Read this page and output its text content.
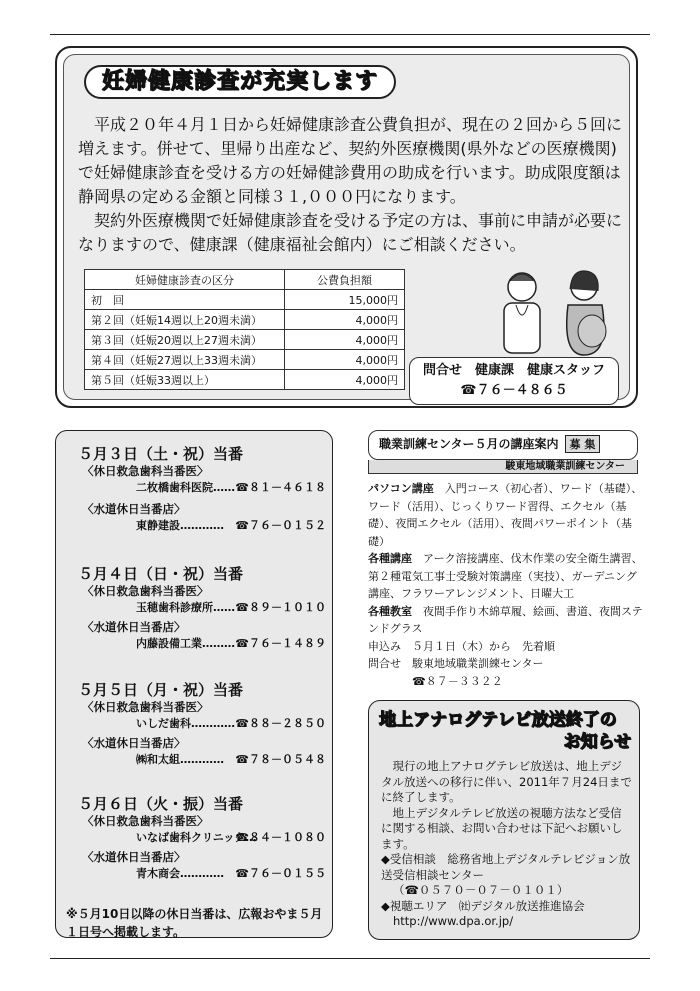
妊婦健康診査が充実します

平成２０年４月１日から妊婦健康診査公費負担が、現在の２回から５回に増えます。併せて、里帰り出産など、契約外医療機関(県外などの医療機関)で妊婦健康診査を受ける方の妊婦健診費用の助成を行います。助成限度額は静岡県の定める金額と同様３１,０００円になります。

契約外医療機関で妊婦健康診査を受ける予定の方は、事前に申請が必要になりますので、健康課（健康福祉会館内）にご相談ください。

妊婦健康診査の区分	公費負担額
初　回	15,000円
第２回（妊娠14週以上20週未満）	4,000円
第３回（妊娠20週以上27週未満）	4,000円
第４回（妊娠27週以上33週未満）	4,000円
第５回（妊娠33週以上）	4,000円
問合せ　健康課　健康スタッフ
☎７６－４８６５
５月３日（土・祝）当番
〈休日救急歯科当番医〉
二枚橋歯科医院…… ☎８１－４６１８
〈水道休日当番店〉
東静建設………… ☎７６－０１５２
５月４日（日・祝）当番
〈休日救急歯科当番医〉
玉穂歯科診療所…… ☎８９－１０１０
〈水道休日当番店〉
内藤設備工業……… ☎７６－１４８９
５月５日（月・祝）当番
〈休日救急歯科当番医〉
いしだ歯科………… ☎８８－２８５０
〈水道休日当番店〉
㈱和太組………… ☎７８－０５４８
５月６日（火・振）当番
〈休日救急歯科当番医〉
いなば歯科クリニック…
☎８４－１０８０
〈水道休日当番店〉
青木商会………… ☎７６－０１５５
※５月10日以降の休日当番は、広報おやま５月１日号へ掲載します。
職業訓練センター５月の講座案内 募 集
駿東地域職業訓練センター
パソコン講座　 入門コース（初心者）、ワード（基礎）、ワード（活用）、じっくりワード習得、エクセル（基礎）、夜間エクセル（活用）、夜間パワーポイント（基礎）
各種講座　 アーク溶接講座、伐木作業の安全衛生講習、第２種電気工事士受験対策講座（実技）、ガーデニング講座、フラワーアレンジメント、日曜大工
各種教室　 夜間手作り木綿草履、絵画、書道、夜間ステンドグラス
申込み　５月１日（木）から　先着順
問合せ　駿東地域職業訓練センター
☎８７－３３２２
地上アナログテレビ放送終了の
お知らせ

現行の地上アナログテレビ放送は、地上デジタル放送への移行に伴い、2011年７月24日までに終了します。

地上デジタルテレビ放送の視聴方法など受信に関する相談、お問い合わせは下記へお願いします。

◆受信相談　総務省地上デジタルテレビジョン放送受信相談センター

（☎０５７０－０７－０１０１）

◆視聴エリア　㈳デジタル放送推進協会

http://www.dpa.or.jp/
